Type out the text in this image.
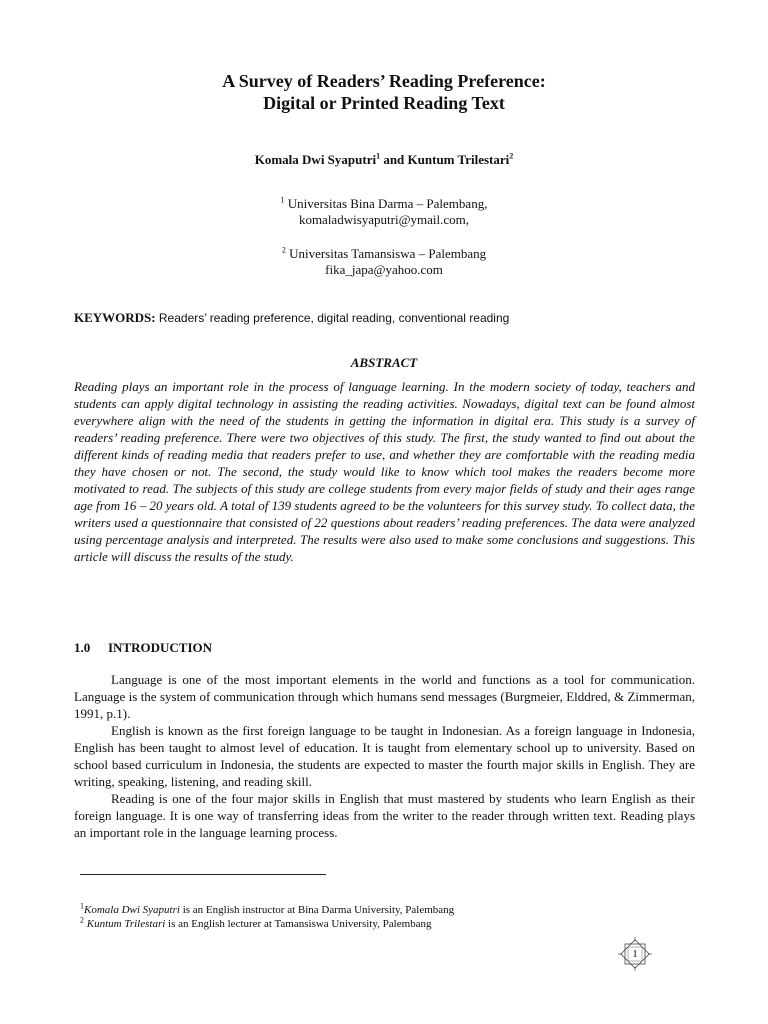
A Survey of Readers’ Reading Preference:
Digital or Printed Reading Text
Komala Dwi Syaputri$^1$ and Kuntum Trilestari$^2$
$^1$ Universitas Bina Darma – Palembang,
komaladwisyaputri@ymail.com,
$^2$ Universitas Tamansiswa – Palembang
fika_japa@yahoo.com
KEYWORDS: Readers’ reading preference, digital reading, conventional reading
ABSTRACT
Reading plays an important role in the process of language learning. In the modern society of today, teachers and students can apply digital technology in assisting the reading activities. Nowadays, digital text can be found almost everywhere align with the need of the students in getting the information in digital era. This study is a survey of readers’ reading preference. There were two objectives of this study. The first, the study wanted to find out about the different kinds of reading media that readers prefer to use, and whether they are comfortable with the reading media they have chosen or not. The second, the study would like to know which tool makes the readers become more motivated to read. The subjects of this study are college students from every major fields of study and their ages range age from 16 – 20 years old. A total of 139 students agreed to be the volunteers for this survey study. To collect data, the writers used a questionnaire that consisted of 22 questions about readers’ reading preferences. The data were analyzed using percentage analysis and interpreted. The results were also used to make some conclusions and suggestions. This article will discuss the results of the study.
1.0 INTRODUCTION

Language is one of the most important elements in the world and functions as a tool for communication. Language is the system of communication through which humans send messages (Burgmeier, Elddred, & Zimmerman, 1991, p.1).

English is known as the first foreign language to be taught in Indonesian. As a foreign language in Indonesia, English has been taught to almost level of education. It is taught from elementary school up to university. Based on school based curriculum in Indonesia, the students are expected to master the fourth major skills in English. They are writing, speaking, listening, and reading skill.

Reading is one of the four major skills in English that must mastered by students who learn English as their foreign language. It is one way of transferring ideas from the writer to the reader through written text. Reading plays an important role in the language learning process.

$^1$Komala Dwi Syaputri is an English instructor at Bina Darma University, Palembang
$^2$ Kuntum Trilestari is an English lecturer at Tamansiswa University, Palembang
1
